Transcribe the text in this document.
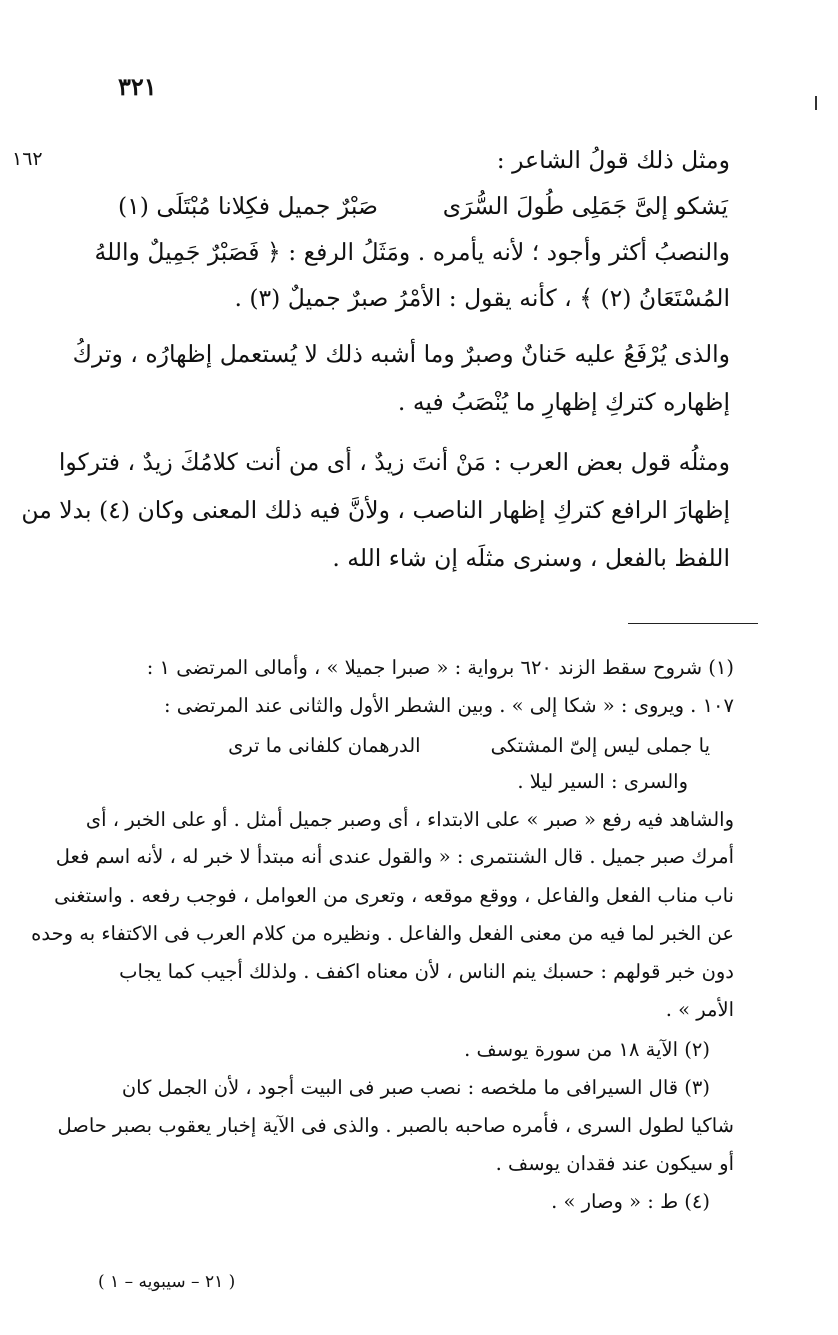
٣٢١
١٦٢	ومثل ذلك قولُ الشاعر :
يَشكو إلىَّ جَمَلِى طُولَ السُّرَى
صَبْرٌ جميل فكِلانا مُبْتَلَى (١)
والنصبُ أكثر وأجود ؛ لأنه يأمره . ومَثَلُ الرفع : ﴿ فَصَبْرٌ جَمِيلٌ واللهُ
المُسْتَعَانُ (٢) ﴾ ، كأنه يقول : الأمْرُ صبرٌ جميلٌ (٣) .
والذى يُرْفَعُ عليه حَنانٌ وصبرٌ وما أشبه ذلك لا يُستعمل إظهارُه ، وتركُ
إظهاره كتركِ إظهارِ ما يُنْصَبُ فيه .
ومثلُه قول بعض العرب : مَنْ أنتَ زيدٌ ، أى من أنت كلامُكَ زيدٌ ، فتركوا
إظهارَ الرافع كتركِ إظهار الناصب ، ولأنَّ فيه ذلك المعنى وكان (٤) بدلا من
اللفظ بالفعل ، وسنرى مثلَه إن شاء الله .
(١) شروح سقط الزند ٦٢٠ برواية : « صبرا جميلا » ، وأمالى المرتضى ١ :
١٠٧ . ويروى : « شكا إلى » . وبين الشطر الأول والثانى عند المرتضى :
يا جملى ليس إلىّ المشتكى
الدرهمان كلفانى ما ترى
والسرى : السير ليلا .
والشاهد فيه رفع « صبر » على الابتداء ، أى وصبر جميل أمثل . أو على الخبر ، أى
أمرك صبر جميل . قال الشنتمرى : « والقول عندى أنه مبتدأ لا خبر له ، لأنه اسم فعل
ناب مناب الفعل والفاعل ، ووقع موقعه ، وتعرى من العوامل ، فوجب رفعه . واستغنى
عن الخبر لما فيه من معنى الفعل والفاعل . ونظيره من كلام العرب فى الاكتفاء به وحده
دون خبر قولهم : حسبك ينم الناس ، لأن معناه اكفف . ولذلك أجيب كما يجاب
الأمر » .
(٢) الآية ١٨ من سورة يوسف .
(٣) قال السيرافى ما ملخصه : نصب صبر فى البيت أجود ، لأن الجمل كان
شاكيا لطول السرى ، فأمره صاحبه بالصبر . والذى فى الآية إخبار يعقوب بصبر حاصل
أو سيكون عند فقدان يوسف .
(٤) ط : « وصار » .
( ٢١ – سيبويه – ١ )
